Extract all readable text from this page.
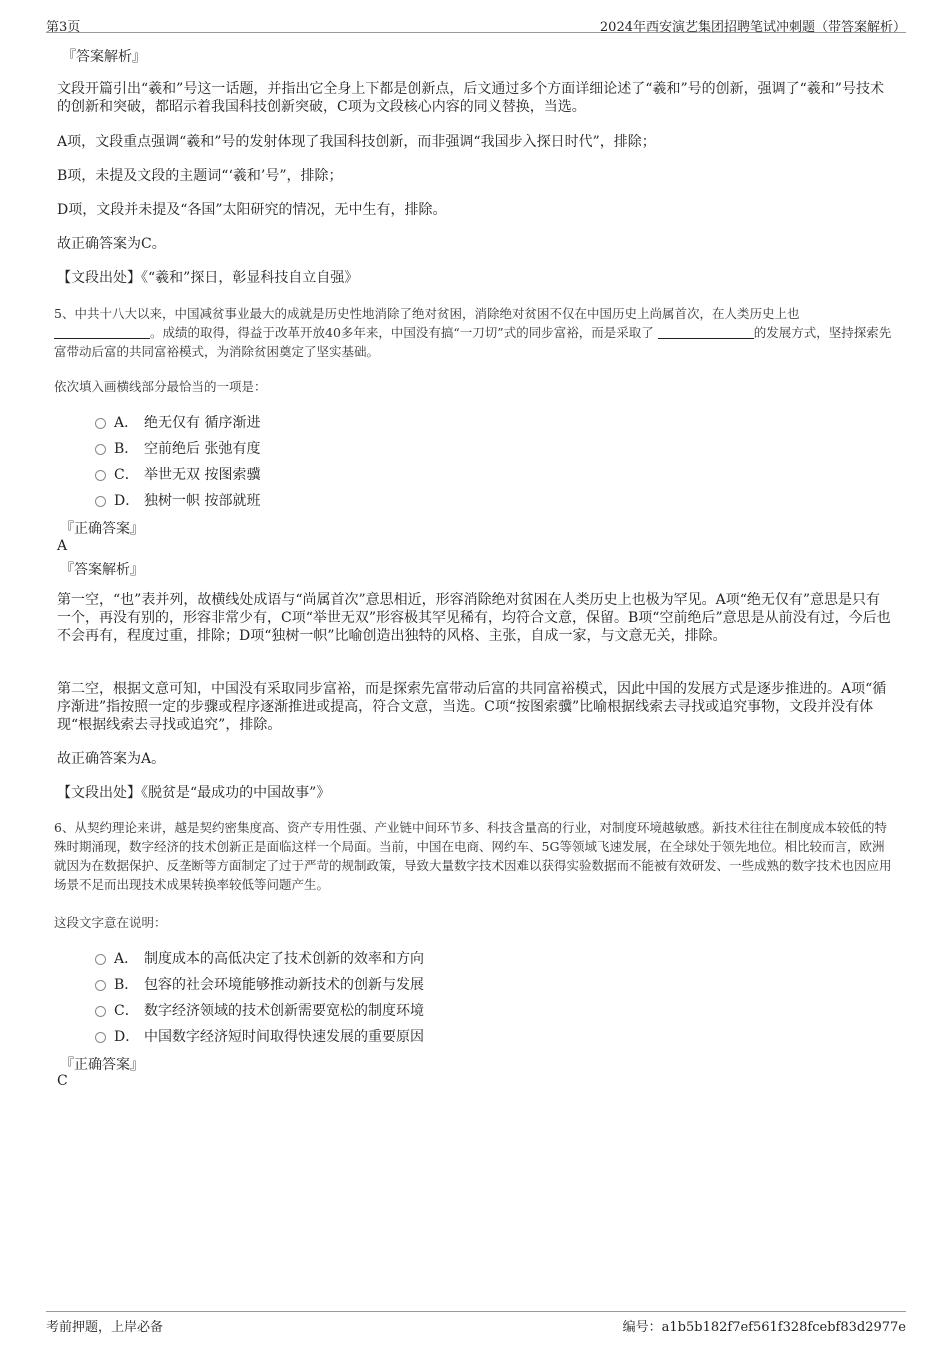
第3页	2024年西安演艺集团招聘笔试冲刺题（带答案解析）
『答案解析』
文段开篇引出“羲和”号这一话题，并指出它全身上下都是创新点，后文通过多个方面详细论述了“羲和”号的创新，强调了“羲和”号技术的创新和突破，都昭示着我国科技创新突破，C项为文段核心内容的同义替换，当选。
A项，文段重点强调“羲和”号的发射体现了我国科技创新，而非强调“我国步入探日时代”，排除；
B项，未提及文段的主题词“‘羲和’号”，排除；
D项，文段并未提及“各国”太阳研究的情况，无中生有，排除。
故正确答案为C。
【文段出处】《“羲和”探日，彰显科技自立自强》
5、中共十八大以来，中国减贫事业最大的成就是历史性地消除了绝对贫困，消除绝对贫困不仅在中国历史上尚属首次，在人类历史上也
。成绩的取得，得益于改革开放40多年来，中国没有搞“一刀切”式的同步富裕，而是采取了	的发展方式，坚持探索先富带动后富的共同富裕模式，为消除贫困奠定了坚实基础。
依次填入画横线部分最恰当的一项是：
A． 绝无仅有 循序渐进
B． 空前绝后 张弛有度
C． 举世无双 按图索骥
D． 独树一帜 按部就班
『正确答案』
A
『答案解析』
第一空，“也”表并列，故横线处成语与“尚属首次”意思相近，形容消除绝对贫困在人类历史上也极为罕见。A项“绝无仅有”意思是只有一个，再没有别的，形容非常少有，C项“举世无双”形容极其罕见稀有，均符合文意，保留。B项“空前绝后”意思是从前没有过，今后也不会再有，程度过重，排除；D项“独树一帜”比喻创造出独特的风格、主张，自成一家，与文意无关，排除。
第二空，根据文意可知，中国没有采取同步富裕，而是探索先富带动后富的共同富裕模式，因此中国的发展方式是逐步推进的。A项“循序渐进”指按照一定的步骤或程序逐渐推进或提高，符合文意，当选。C项“按图索骥”比喻根据线索去寻找或追究事物，文段并没有体现“根据线索去寻找或追究”，排除。
故正确答案为A。
【文段出处】《脱贫是“最成功的中国故事”》
6、从契约理论来讲，越是契约密集度高、资产专用性强、产业链中间环节多、科技含量高的行业，对制度环境越敏感。新技术往往在制度成本较低的特殊时期涌现，数字经济的技术创新正是面临这样一个局面。当前，中国在电商、网约车、5G等领域飞速发展，在全球处于领先地位。相比较而言，欧洲就因为在数据保护、反垄断等方面制定了过于严苛的规制政策，导致大量数字技术因难以获得实验数据而不能被有效研发、一些成熟的数字技术也因应用场景不足而出现技术成果转换率较低等问题产生。
这段文字意在说明：
A． 制度成本的高低决定了技术创新的效率和方向
B． 包容的社会环境能够推动新技术的创新与发展
C． 数字经济领域的技术创新需要宽松的制度环境
D． 中国数字经济短时间取得快速发展的重要原因
『正确答案』
C
考前押题，上岸必备	编号：a1b5b182f7ef561f328fcebf83d2977e
